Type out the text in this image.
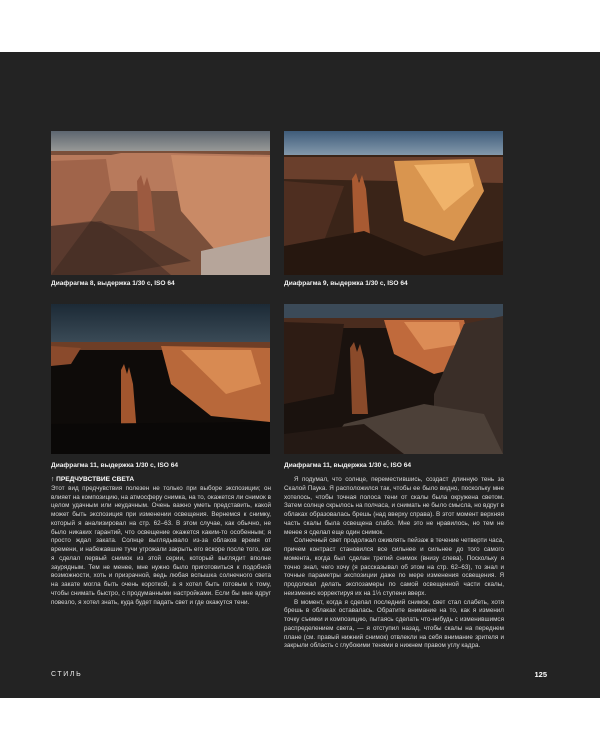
Диафрагма 8, выдержка 1/30 с, ISO 64	Диафрагма 9, выдержка 1/30 с, ISO 64
Диафрагма 11, выдержка 1/30 с, ISO 64	Диафрагма 11, выдержка 1/30 с, ISO 64
↑ ПРЕДЧУВСТВИЕ СВЕТА

Этот вид предчувствия полезен не только при выборе экспозиции; он влияет на композицию, на атмосферу снимка, на то, окажется ли снимок в целом удачным или неудачным. Очень важно уметь представить, какой может быть экспозиция при изменении освещения. Вернемся к снимку, который я анализировал на стр. 62–63. В этом случае, как обычно, не было никаких гарантий, что освещение окажется каким-то особенным; я просто ждал заката. Солнце выглядывало из-за облаков время от времени, и набежавшие тучи угрожали закрыть его вскоре после того, как я сделал первый снимок из этой серии, который выглядит вполне заурядным. Тем не менее, мне нужно было приготовиться к подобной возможности, хоть и призрачной, ведь любая вспышка солнечного света на закате могла быть очень короткой, а я хотел быть готовым к тому, чтобы снимать быстро, с продуманными настройками. Если бы мне вдруг повезло, я хотел знать, куда будет падать свет и где окажутся тени.

Я подумал, что солнце, переместившись, создаст длинную тень за Скалой Паука. Я расположился так, чтобы ее было видно, поскольку мне хотелось, чтобы точная полоса тени от скалы была окружена светом. Затем солнце скрылось на полчаса, и снимать не было смысла, но вдруг в облаках образовалась брешь (над вверху справа). В этот момент верхняя часть скалы была освещена слабо. Мне это не нравилось, но тем не менее я сделал еще один снимок.

Солнечный свет продолжал оживлять пейзаж в течение четверти часа, причем контраст становился все сильнее и сильнее до того самого момента, когда был сделан третий снимок (внизу слева). Поскольку я точно знал, чего хочу (я рассказывал об этом на стр. 62–63), то знал и точные параметры экспозиции даже по мере изменения освещения. Я продолжал делать экспозамеры по самой освещенной части скалы, неизменно корректируя их на 1⅓ ступени вверх.

В момент, когда я сделал последний снимок, свет стал слабеть, хотя брешь в облаках оставалась. Обратите внимание на то, как я изменил точку съемки и композицию, пытаясь сделать что-нибудь с изменившимся распределением света, — я отступил назад, чтобы скалы на переднем плане (см. правый нижний снимок) отвлекли на себя внимание зрителя и закрыли область с глубокими тенями в нижнем правом углу кадра.

СТИЛЬ	125
